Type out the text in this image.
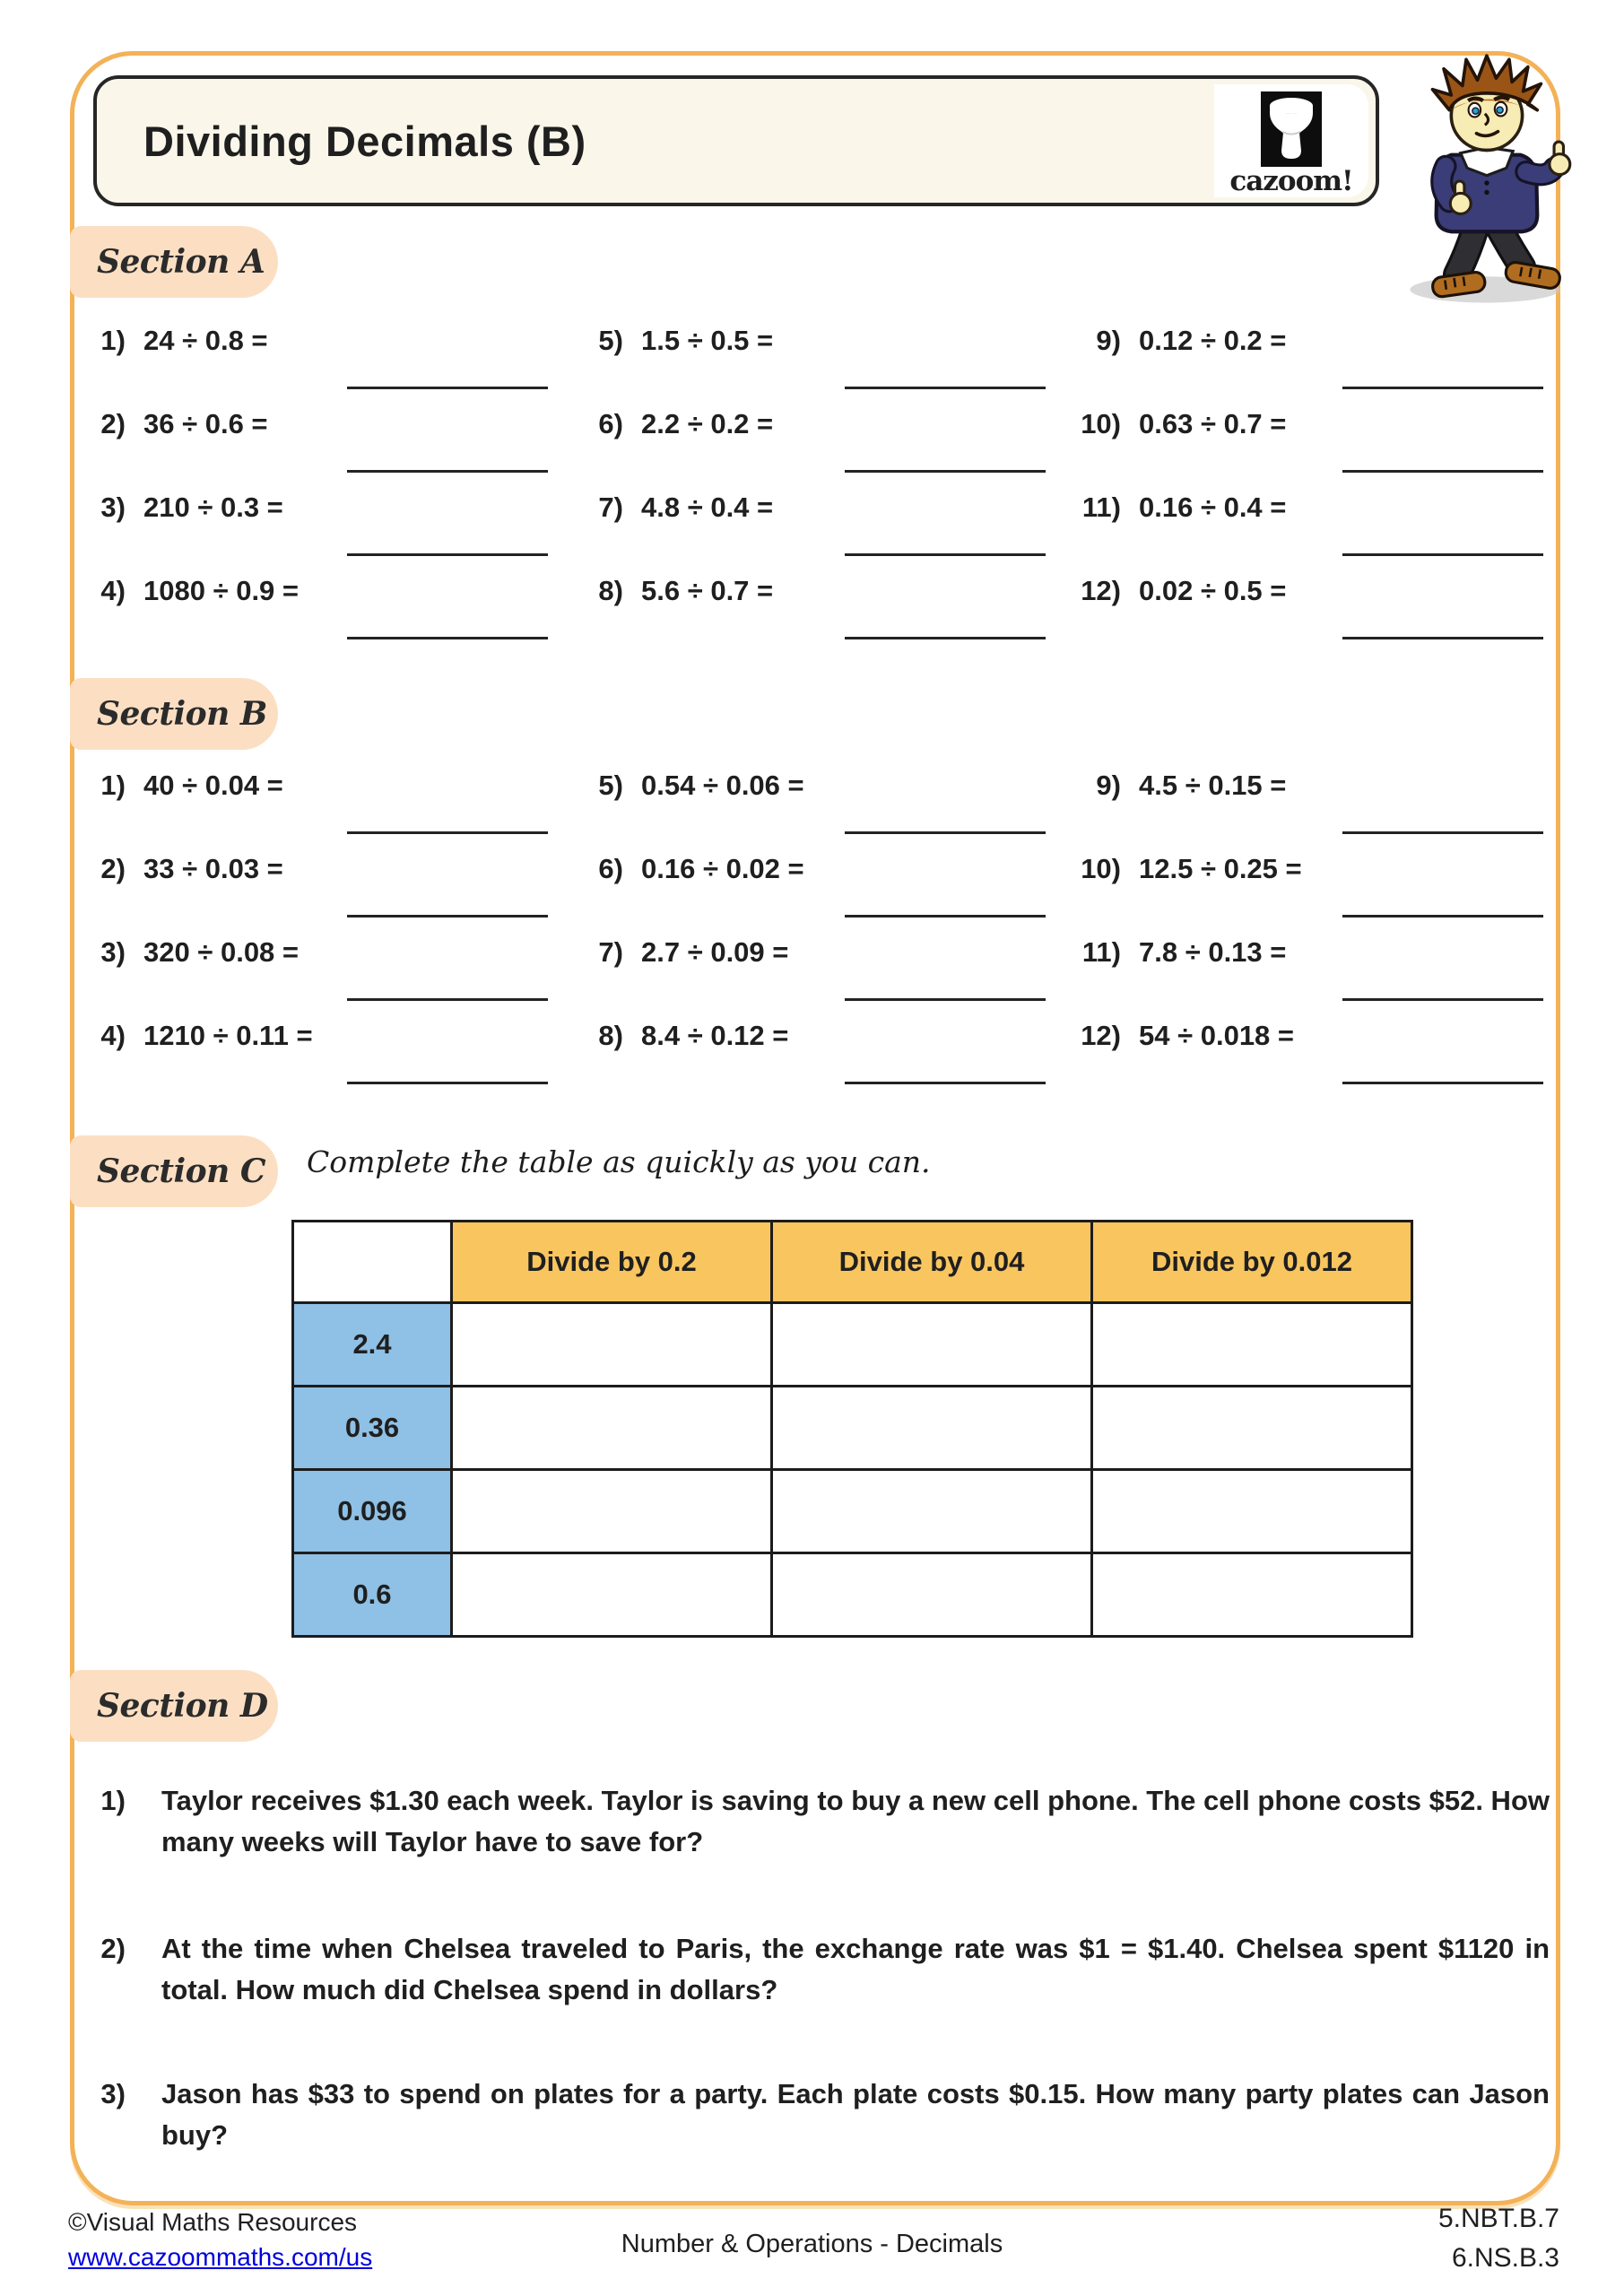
Dividing Decimals (B)
cazoom!
Section A
1) 24 ÷ 0.8 =
2) 36 ÷ 0.6 =
3) 210 ÷ 0.3 =
4) 1080 ÷ 0.9 =
5) 1.5 ÷ 0.5 =
6) 2.2 ÷ 0.2 =
7) 4.8 ÷ 0.4 =
8) 5.6 ÷ 0.7 =
9) 0.12 ÷ 0.2 =
10) 0.63 ÷ 0.7 =
11) 0.16 ÷ 0.4 =
12) 0.02 ÷ 0.5 =
Section B
1) 40 ÷ 0.04 =
2) 33 ÷ 0.03 =
3) 320 ÷ 0.08 =
4) 1210 ÷ 0.11 =
5) 0.54 ÷ 0.06 =
6) 0.16 ÷ 0.02 =
7) 2.7 ÷ 0.09 =
8) 8.4 ÷ 0.12 =
9) 4.5 ÷ 0.15 =
10) 12.5 ÷ 0.25 =
11) 7.8 ÷ 0.13 =
12) 54 ÷ 0.018 =
Section C Complete the table as quickly as you can.
	Divide by 0.2	Divide by 0.04	Divide by 0.012
2.4			
0.36			
0.096			
0.6			
Section D
1) Taylor receives $1.30 each week. Taylor is saving to buy a new cell phone. The cell phone costs $52. How many weeks will Taylor have to save for?
2) At the time when Chelsea traveled to Paris, the exchange rate was $1 = $1.40. Chelsea spent $1120 in total. How much did Chelsea spend in dollars?
3) Jason has $33 to spend on plates for a party. Each plate costs $0.15. How many party plates can Jason buy?
©Visual Maths Resources
www.cazoommaths.com/us	Number & Operations - Decimals
5.NBT.B.7
6.NS.B.3
